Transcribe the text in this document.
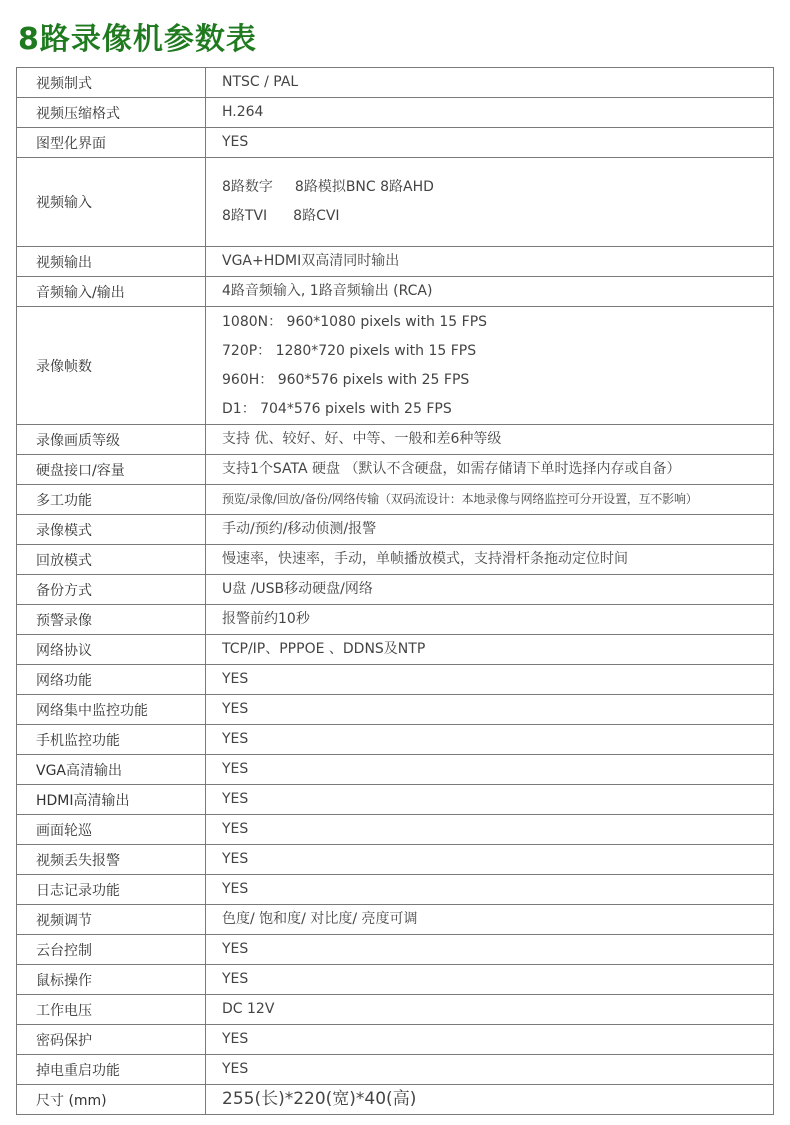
8路录像机参数表
视频制式	NTSC / PAL

视频压缩格式	H.264

图型化界面	YES

视频输入	8路数字 8路模拟BNC 8路AHD
8路TVI 8路CVI

视频输出	VGA+HDMI双高清同时输出

音频输入/输出	4路音频输入, 1路音频输出 (RCA)

录像帧数	1080N： 960*1080 pixels with 15 FPS
720P： 1280*720 pixels with 15 FPS
960H： 960*576 pixels with 25 FPS
D1： 704*576 pixels with 25 FPS

录像画质等级	支持 优、较好、好、中等、一般和差6种等级

硬盘接口/容量	支持1个SATA 硬盘 （默认不含硬盘，如需存储请下单时选择内存或自备）

多工功能	预览/录像/回放/备份/网络传输（双码流设计：本地录像与网络监控可分开设置，互不影响）

录像模式	手动/预约/移动侦测/报警

回放模式	慢速率，快速率，手动，单帧播放模式，支持滑杆条拖动定位时间

备份方式	U盘 /USB移动硬盘/网络

预警录像	报警前约10秒

网络协议	TCP/IP、PPPOE 、DDNS及NTP

网络功能	YES

网络集中监控功能	YES

手机监控功能	YES

VGA高清输出	YES

HDMI高清输出	YES

画面轮巡	YES

视频丢失报警	YES

日志记录功能	YES

视频调节	色度/ 饱和度/ 对比度/ 亮度可调

云台控制	YES

鼠标操作	YES

工作电压	DC 12V

密码保护	YES

掉电重启功能	YES

尺寸 (mm)	255(长)*220(宽)*40(高)
